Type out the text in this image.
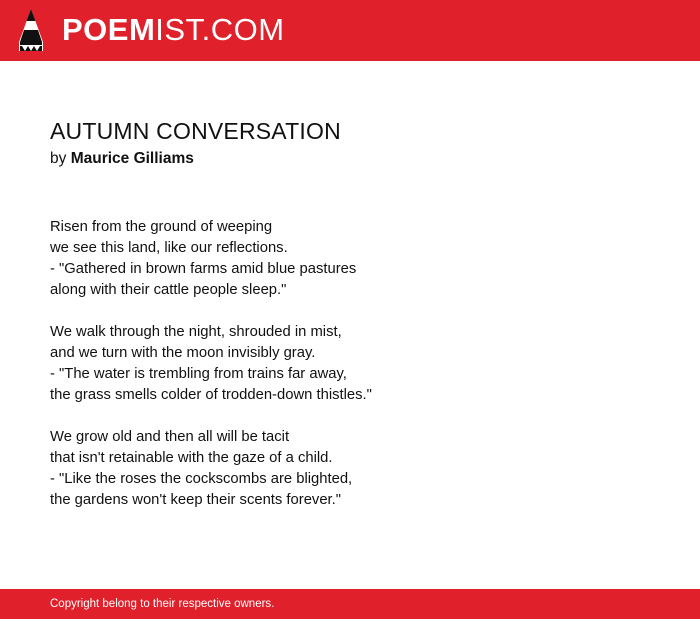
POEMIST.COM
AUTUMN CONVERSATION
by Maurice Gilliams

Risen from the ground of weeping
we see this land, like our reflections.
- "Gathered in brown farms amid blue pastures
along with their cattle people sleep."

We walk through the night, shrouded in mist,
and we turn with the moon invisibly gray.
- "The water is trembling from trains far away,
the grass smells colder of trodden-down thistles."

We grow old and then all will be tacit
that isn't retainable with the gaze of a child.
- "Like the roses the cockscombs are blighted,
the gardens won't keep their scents forever."

Copyright belong to their respective owners.
